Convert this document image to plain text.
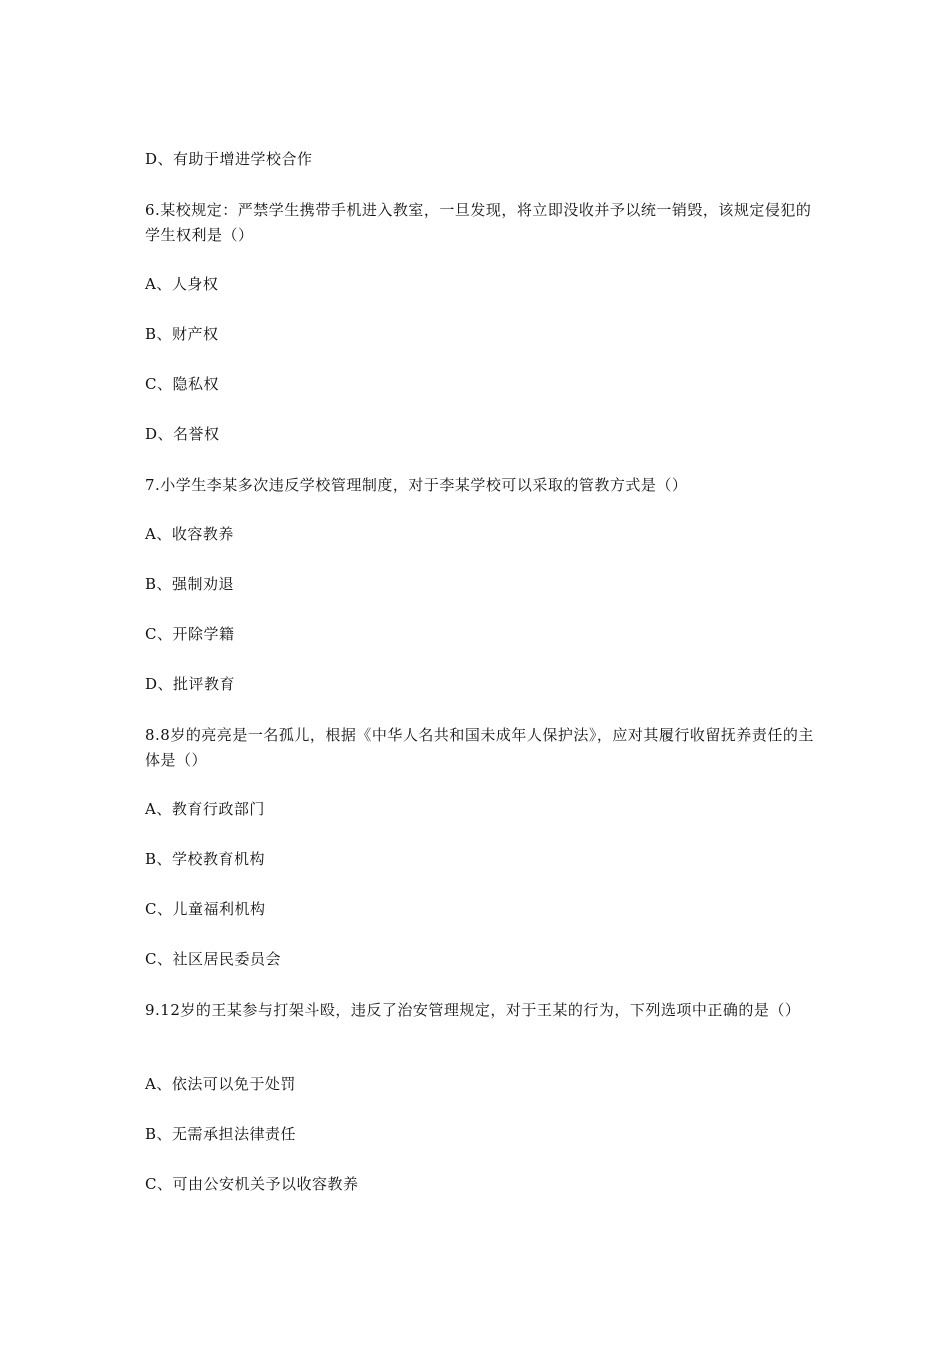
D、有助于增进学校合作
6.某校规定：严禁学生携带手机进入教室，一旦发现，将立即没收并予以统一销毁，该规定侵犯的学生权利是（）
A、人身权
B、财产权
C、隐私权
D、名誉权
7.小学生李某多次违反学校管理制度，对于李某学校可以采取的管教方式是（）
A、收容教养
B、强制劝退
C、开除学籍
D、批评教育
8.8岁的亮亮是一名孤儿，根据《中华人名共和国未成年人保护法》，应对其履行收留抚养责任的主体是（）
A、教育行政部门
B、学校教育机构
C、儿童福利机构
C、社区居民委员会
9.12岁的王某参与打架斗殴，违反了治安管理规定，对于王某的行为，下列选项中正确的是（）
A、依法可以免于处罚
B、无需承担法律责任
C、可由公安机关予以收容教养
